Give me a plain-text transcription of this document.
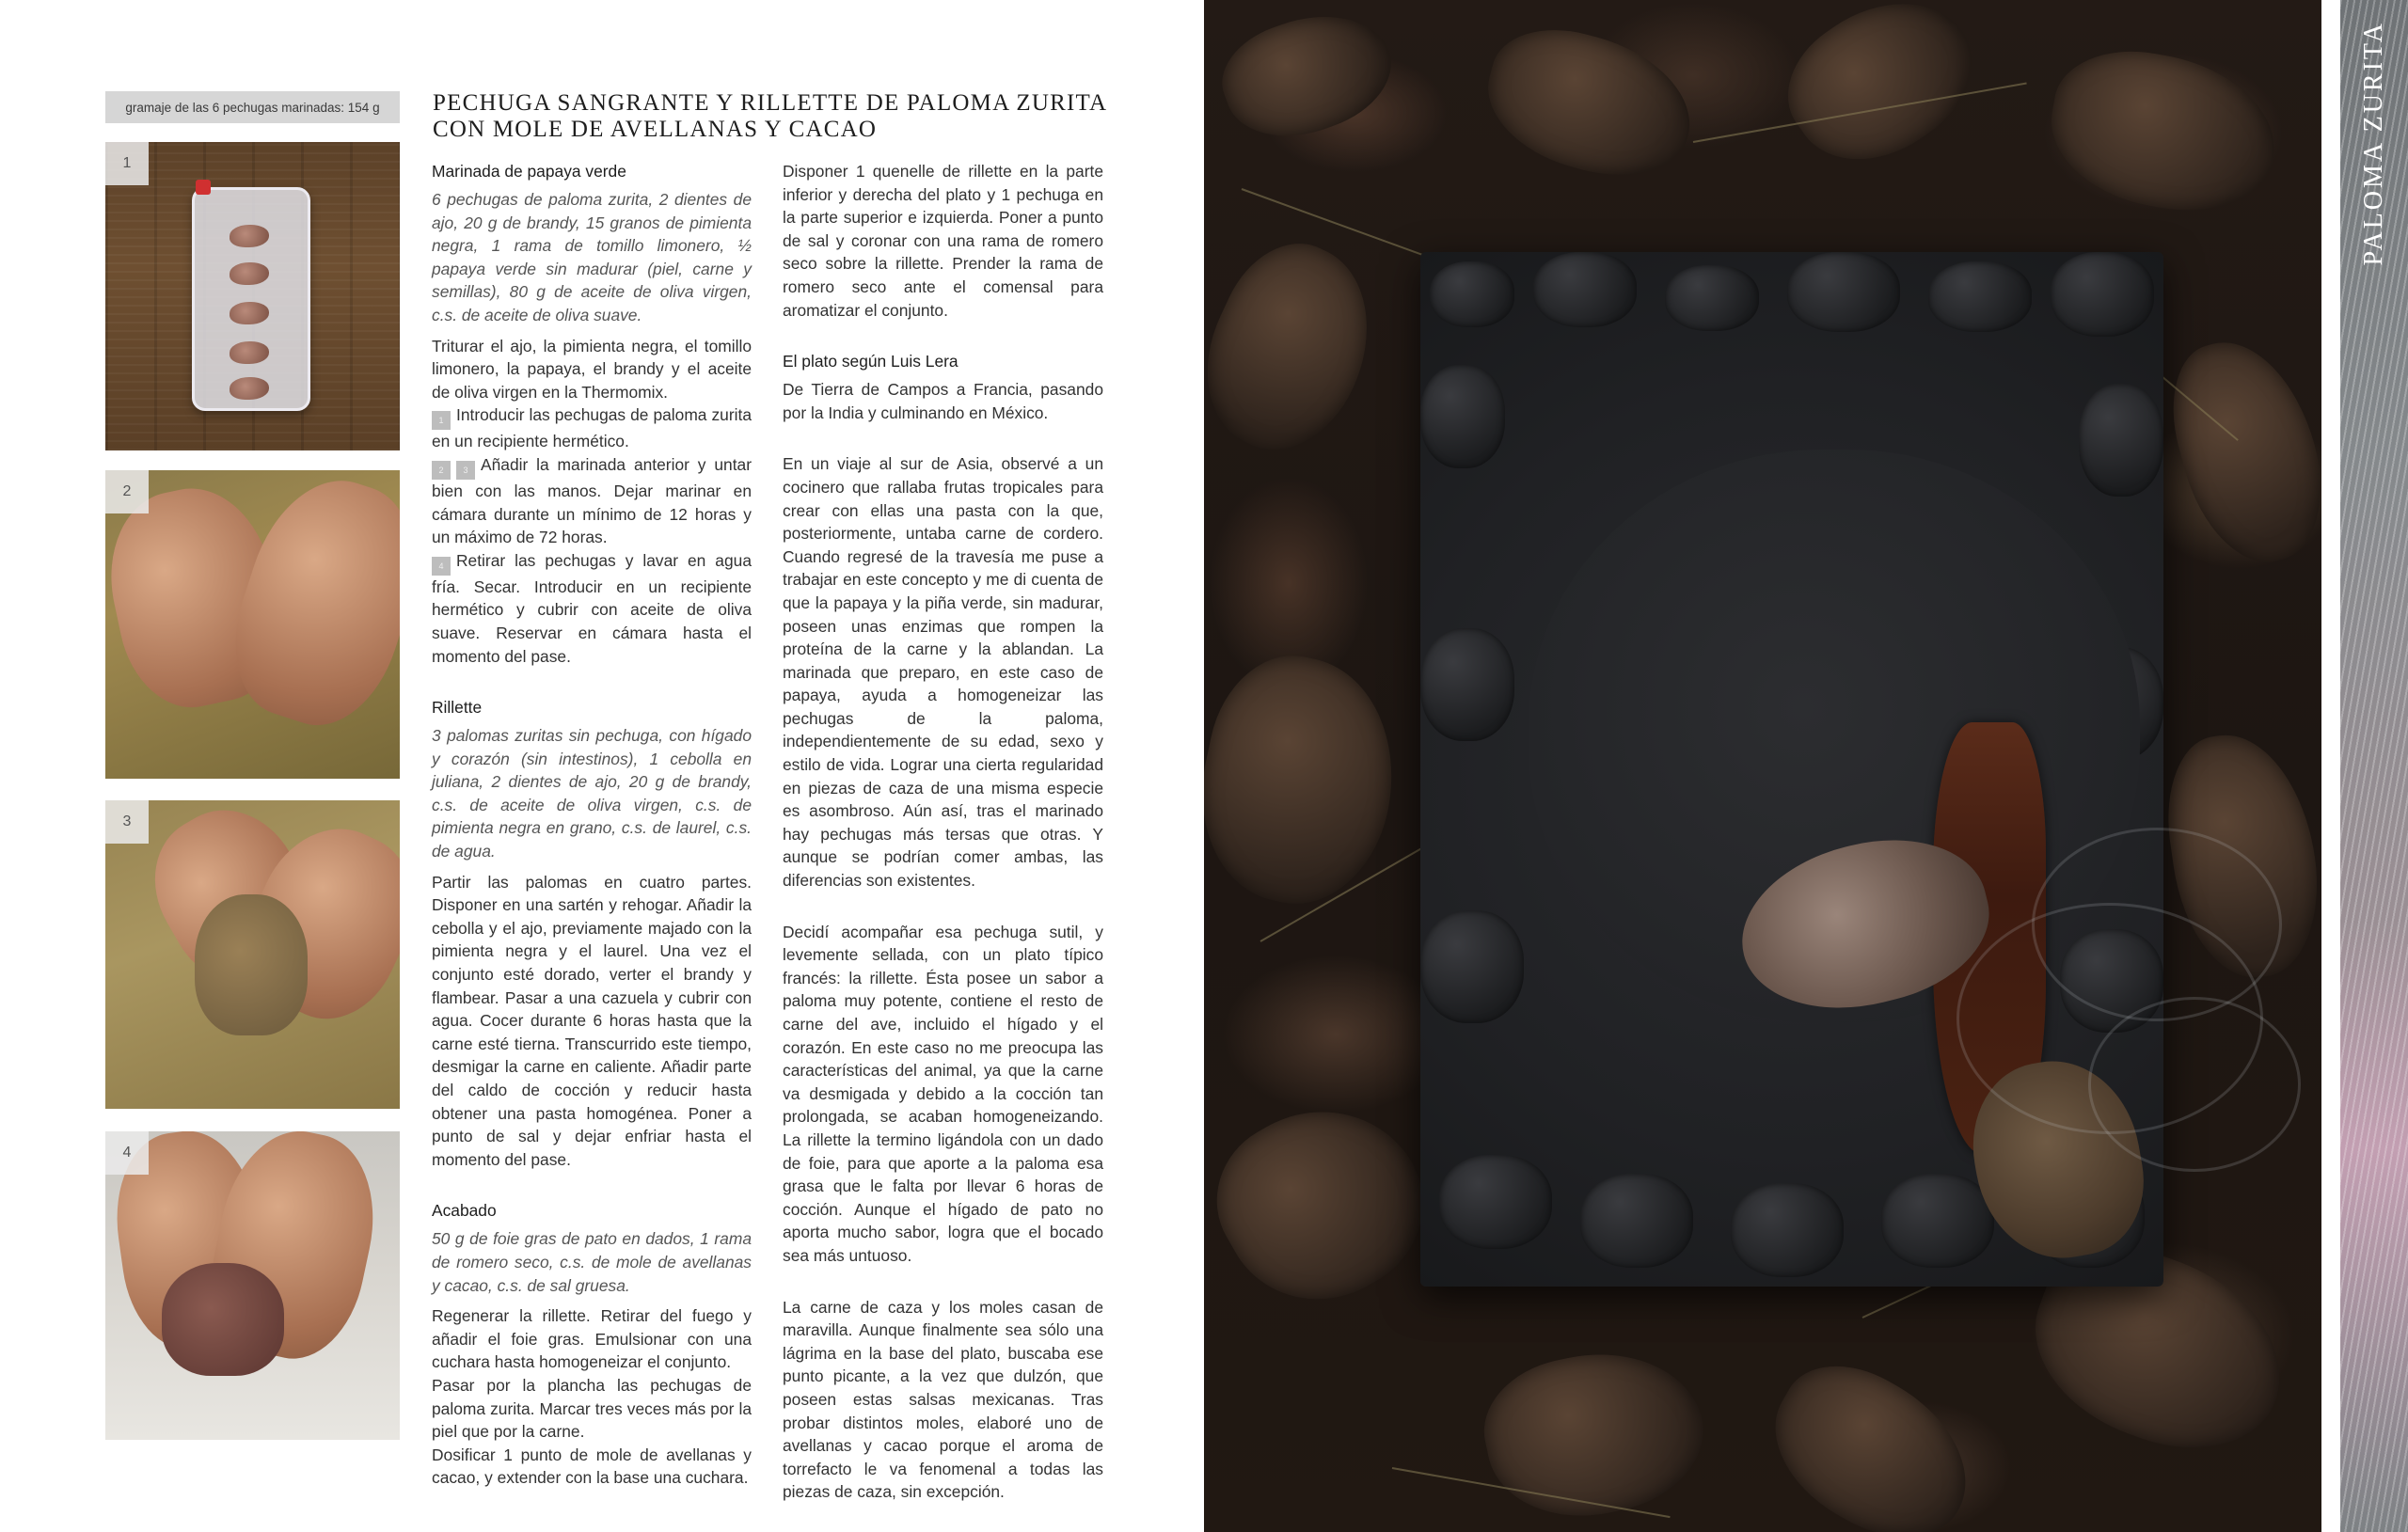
gramaje de las 6 pechugas marinadas: 154 g
1
2
3
4
PECHUGA SANGRANTE Y RILLETTE DE PALOMA ZURITA
CON MOLE DE AVELLANAS Y CACAO
Marinada de papaya verde

6 pechugas de paloma zurita, 2 dientes de ajo, 20 g de brandy, 15 granos de pimienta negra, 1 rama de tomillo limonero, ½ papaya verde sin madurar (piel, carne y semillas), 80 g de aceite de oliva virgen, c.s. de aceite de oliva suave.

Triturar el ajo, la pimienta negra, el tomillo limonero, la papaya, el brandy y el aceite de oliva virgen en la Thermomix.

1 Introducir las pechugas de paloma zurita en un recipiente hermético.

2 3 Añadir la marinada anterior y untar bien con las manos. Dejar marinar en cámara durante un mínimo de 12 horas y un máximo de 72 horas.

4 Retirar las pechugas y lavar en agua fría. Secar. Introducir en un recipiente hermético y cubrir con aceite de oliva suave. Reservar en cámara hasta el momento del pase.

Rillette

3 palomas zuritas sin pechuga, con hígado y corazón (sin intestinos), 1 cebolla en juliana, 2 dientes de ajo, 20 g de brandy, c.s. de aceite de oliva virgen, c.s. de pimienta negra en grano, c.s. de laurel, c.s. de agua.

Partir las palomas en cuatro partes. Disponer en una sartén y rehogar. Añadir la cebolla y el ajo, previamente majado con la pimienta negra y el laurel. Una vez el conjunto esté dorado, verter el brandy y flambear. Pasar a una cazuela y cubrir con agua. Cocer durante 6 horas hasta que la carne esté tierna. Transcurrido este tiempo, desmigar la carne en caliente. Añadir parte del caldo de cocción y reducir hasta obtener una pasta homogénea. Poner a punto de sal y dejar enfriar hasta el momento del pase.

Acabado

50 g de foie gras de pato en dados, 1 rama de romero seco, c.s. de mole de avellanas y cacao, c.s. de sal gruesa.

Regenerar la rillette. Retirar del fuego y añadir el foie gras. Emulsionar con una cuchara hasta homogeneizar el conjunto.

Pasar por la plancha las pechugas de paloma zurita. Marcar tres veces más por la piel que por la carne.

Dosificar 1 punto de mole de avellanas y cacao, y extender con la base una cuchara.

Disponer 1 quenelle de rillette en la parte inferior y derecha del plato y 1 pechuga en la parte superior e izquierda. Poner a punto de sal y coronar con una rama de romero seco sobre la rillette. Prender la rama de romero seco ante el comensal para aromatizar el conjunto.

El plato según Luis Lera

De Tierra de Campos a Francia, pasando por la India y culminando en México.

En un viaje al sur de Asia, observé a un cocinero que rallaba frutas tropicales para crear con ellas una pasta con la que, posteriormente, untaba carne de cordero. Cuando regresé de la travesía me puse a trabajar en este concepto y me di cuenta de que la papaya y la piña verde, sin madurar, poseen unas enzimas que rompen la proteína de la carne y la ablandan. La marinada que preparo, en este caso de papaya, ayuda a homogeneizar las pechugas de la paloma, independientemente de su edad, sexo y estilo de vida. Lograr una cierta regularidad en piezas de caza de una misma especie es asombroso. Aún así, tras el marinado hay pechugas más tersas que otras. Y aunque se podrían comer ambas, las diferencias son existentes.

Decidí acompañar esa pechuga sutil, y levemente sellada, con un plato típico francés: la rillette. Ésta posee un sabor a paloma muy potente, contiene el resto de carne del ave, incluido el hígado y el corazón. En este caso no me preocupa las características del animal, ya que la carne va desmigada y debido a la cocción tan prolongada, se acaban homogeneizando. La rillette la termino ligándola con un dado de foie, para que aporte a la paloma esa grasa que le falta por llevar 6 horas de cocción. Aunque el hígado de pato no aporta mucho sabor, logra que el bocado sea más untuoso.

La carne de caza y los moles casan de maravilla. Aunque finalmente sea sólo una lágrima en la base del plato, buscaba ese punto picante, a la vez que dulzón, que poseen estas salsas mexicanas. Tras probar distintos moles, elaboré uno de avellanas y cacao porque el aroma de torrefacto le va fenomenal a todas las piezas de caza, sin excepción.

PALOMA ZURITA
